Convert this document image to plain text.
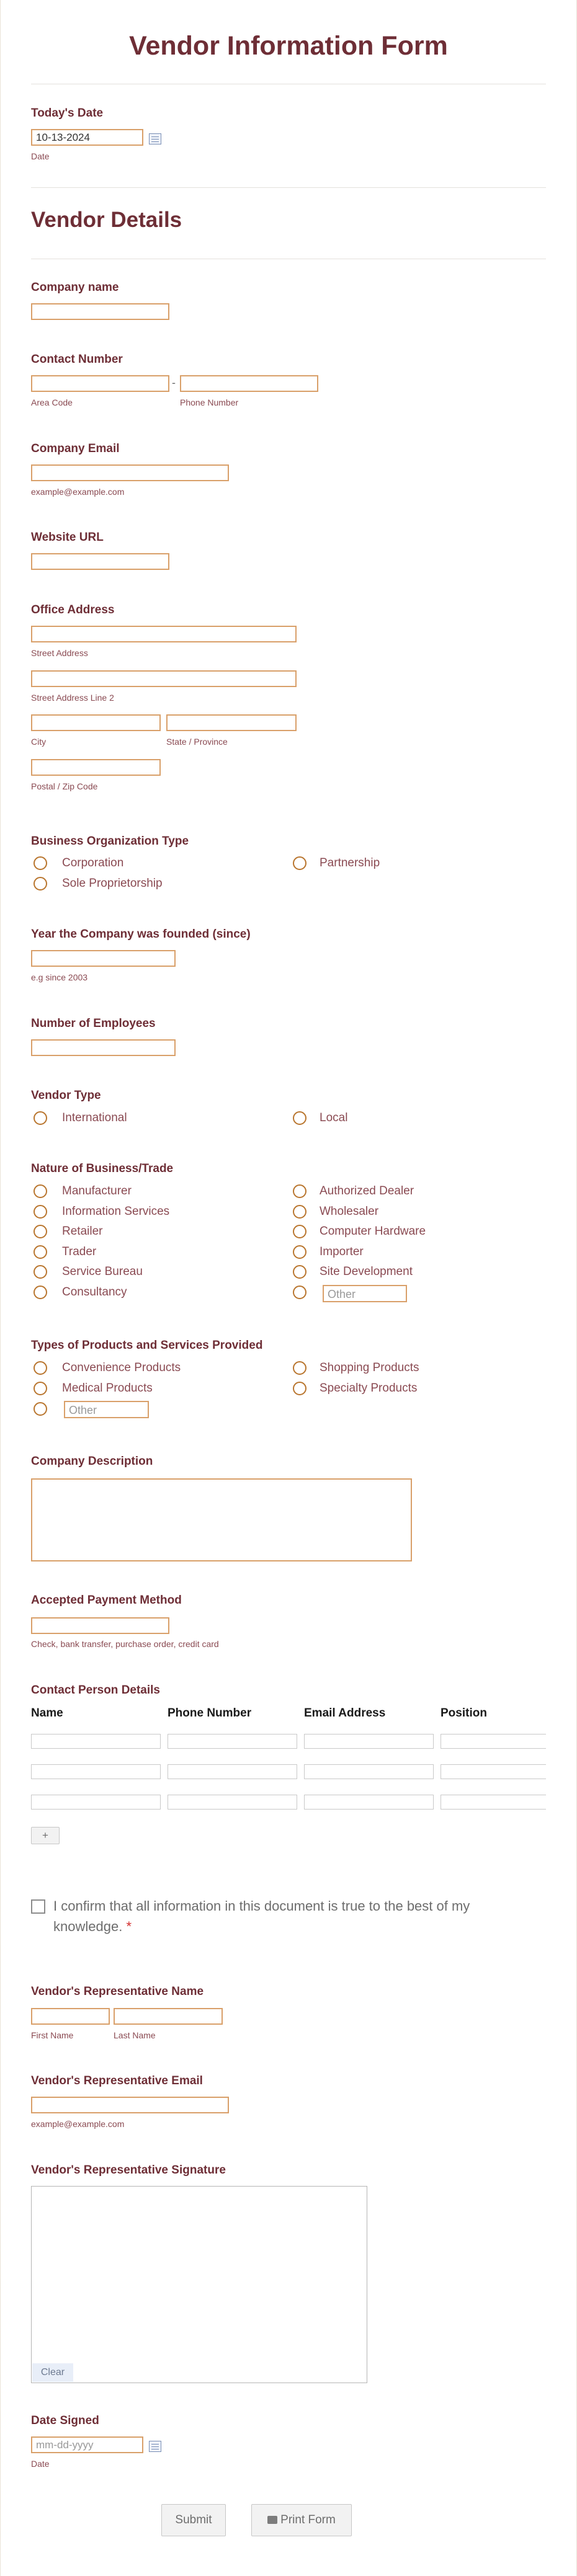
Vendor Information Form
Today's Date
10-13-2024
Date
Vendor Details
Company name
Contact Number
-
Area Code	Phone Number
Company Email
example@example.com
Website URL
Office Address
Street Address
Street Address Line 2
City	State / Province
Postal / Zip Code
Business Organization Type
Corporation	Partnership
Sole Proprietorship
Year the Company was founded (since)
e.g since 2003
Number of Employees
Vendor Type
International	Local
Nature of Business/Trade
Manufacturer
Information Services
Retailer
Trader
Service Bureau
Consultancy
Authorized Dealer
Wholesaler
Computer Hardware
Importer
Site Development
Other
Types of Products and Services Provided
Convenience Products	Shopping Products
Medical Products	Specialty Products
Other
Company Description
Accepted Payment Method
Check, bank transfer, purchase order, credit card
Contact Person Details
Name	Phone Number	Email Address	Position
+
I confirm that all information in this document is true to the best of my knowledge. *
Vendor's Representative Name
First Name	Last Name
Vendor's Representative Email
example@example.com
Vendor's Representative Signature
Clear
Date Signed
mm-dd-yyyy
Date
Submit	Print Form
